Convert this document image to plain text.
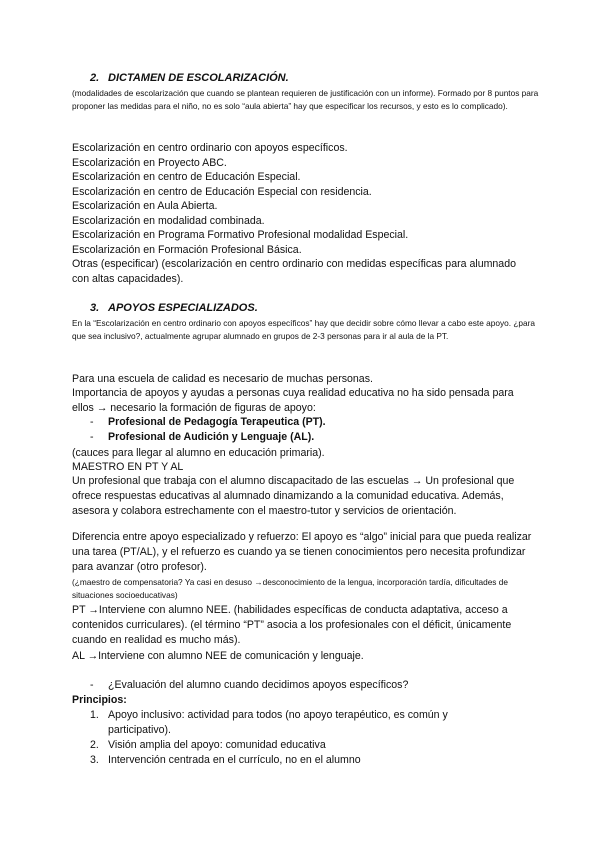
2. DICTAMEN DE ESCOLARIZACIÓN.
(modalidades de escolarización que cuando se plantean requieren de justificación con un informe). Formado por 8 puntos para proponer las medidas para el niño, no es solo “aula abierta” hay que especificar los recursos, y esto es lo complicado).
Escolarización en centro ordinario con apoyos específicos.
Escolarización en Proyecto ABC.
Escolarización en centro de Educación Especial.
Escolarización en centro de Educación Especial con residencia.
Escolarización en Aula Abierta.
Escolarización en modalidad combinada.
Escolarización en Programa Formativo Profesional modalidad Especial.
Escolarización en Formación Profesional Básica.
Otras (especificar) (escolarización en centro ordinario con medidas específicas para alumnado con altas capacidades).
3. APOYOS ESPECIALIZADOS.
En la “Escolarización en centro ordinario con apoyos específicos” hay que decidir sobre cómo llevar a cabo este apoyo. ¿para que sea inclusivo?, actualmente agrupar alumnado en grupos de 2-3 personas para ir al aula de la PT.
Para una escuela de calidad es necesario de muchas personas.
Importancia de apoyos y ayudas a personas cuya realidad educativa no ha sido pensada para ellos → necesario la formación de figuras de apoyo:
- Profesional de Pedagogía Terapeutica (PT).
- Profesional de Audición y Lenguaje (AL).
(cauces para llegar al alumno en educación primaria).
MAESTRO EN PT Y AL
Un profesional que trabaja con el alumno discapacitado de las escuelas → Un profesional que ofrece respuestas educativas al alumnado dinamizando a la comunidad educativa. Además, asesora y colabora estrechamente con el maestro-tutor y servicios de orientación.
Diferencia entre apoyo especializado y refuerzo: El apoyo es “algo” inicial para que pueda realizar una tarea (PT/AL), y el refuerzo es cuando ya se tienen conocimientos pero necesita profundizar para avanzar (otro profesor).
(¿maestro de compensatoria? Ya casi en desuso →desconocimiento de la lengua, incorporación tardía, dificultades de situaciones socioeducativas)
PT →Interviene con alumno NEE. (habilidades específicas de conducta adaptativa, acceso a contenidos curriculares). (el término “PT” asocia a los profesionales con el déficit, únicamente cuando en realidad es mucho más).
AL →Interviene con alumno NEE de comunicación y lenguaje.
- ¿Evaluación del alumno cuando decidimos apoyos específicos?
Principios:
1. Apoyo inclusivo: actividad para todos (no apoyo terapéutico, es común y participativo).
2. Visión amplia del apoyo: comunidad educativa
3. Intervención centrada en el currículo, no en el alumno
